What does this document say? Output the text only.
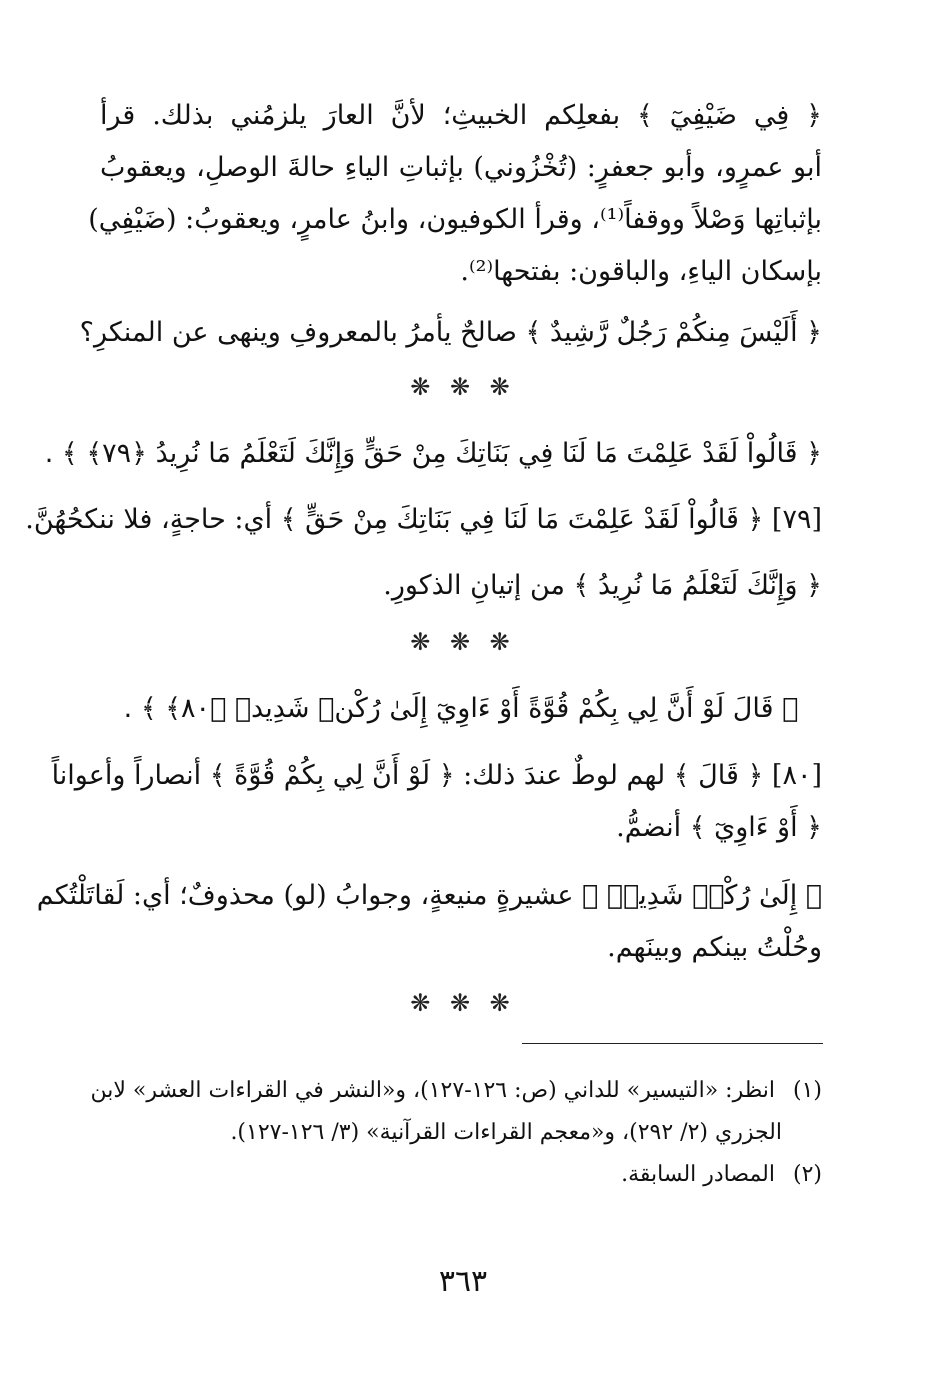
﴿ فِي ضَيْفِيٓ ﴾ بفعلِكم الخبيثِ؛ لأنَّ العارَ يلزمُني بذلك. قرأ
أبو عمرٍو، وأبو جعفرٍ: (تُخْزُوني) بإثباتِ الياءِ حالةَ الوصلِ، ويعقوبُ
بإثباتِها وَصْلاً ووقفاً⁽¹⁾، وقرأ الكوفيون، وابنُ عامرٍ، ويعقوبُ: (ضَيْفِي)
بإسكان الياءِ، والباقون: بفتحها⁽²⁾.
﴿ أَلَيْسَ مِنكُمْ رَجُلٌ رَّشِيدٌ ﴾ صالحٌ يأمرُ بالمعروفِ وينهى عن المنكرِ؟
❋ ❋ ❋
﴿ قَالُواْ لَقَدْ عَلِمْتَ مَا لَنَا فِي بَنَاتِكَ مِنْ حَقٍّ وَإِنَّكَ لَتَعْلَمُ مَا نُرِيدُ ﴿٧٩﴾ ﴾ .
[٧٩] ﴿ قَالُواْ لَقَدْ عَلِمْتَ مَا لَنَا فِي بَنَاتِكَ مِنْ حَقٍّ ﴾ أي: حاجةٍ، فلا ننكحُهُنَّ.
﴿ وَإِنَّكَ لَتَعْلَمُ مَا نُرِيدُ ﴾ من إتيانِ الذكورِ.
❋ ❋ ❋
﴿ قَالَ لَوْ أَنَّ لِي بِكُمْ قُوَّةً أَوْ ءَاوِيٓ إِلَىٰ رُكْنٖ شَدِيدٖ ﴿٨٠﴾ ﴾ .
[٨٠] ﴿ قَالَ ﴾ لهم لوطٌ عندَ ذلك: ﴿ لَوْ أَنَّ لِي بِكُمْ قُوَّةً ﴾ أنصاراً وأعواناً
﴿ أَوْ ءَاوِيٓ ﴾ أنضمُّ.
﴿ إِلَىٰ رُكْنٖ شَدِيدٖ ﴾ عشيرةٍ منيعةٍ، وجوابُ (لو) محذوفٌ؛ أي: لَقاتَلْتُكم
وحُلْتُ بينكم وبينَهم.
❋ ❋ ❋
(١) انظر: «التيسير» للداني (ص: ١٢٦-١٢٧)، و«النشر في القراءات العشر» لابن
الجزري (٢/ ٢٩٢)، و«معجم القراءات القرآنية» (٣/ ١٢٦-١٢٧).
(٢) المصادر السابقة.
٣٦٣
